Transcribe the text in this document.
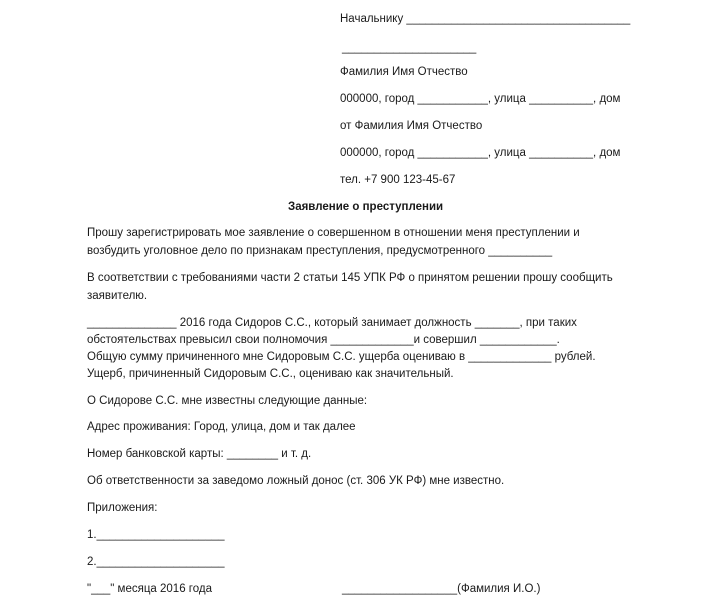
Начальнику ___________________________________
_____________________
Фамилия Имя Отчество
000000, город ___________, улица __________, дом
от Фамилия Имя Отчество
000000, город ___________, улица __________, дом
тел. +7 900 123-45-67
Заявление о преступлении
Прошу зарегистрировать мое заявление о совершенном в отношении меня преступлении и
возбудить уголовное дело по признакам преступления, предусмотренного __________
В соответствии с требованиями части 2 статьи 145 УПК РФ о принятом решении прошу сообщить
заявителю.
______________ 2016 года Сидоров С.С., который занимает должность _______, при таких
обстоятельствах превысил свои полномочия _____________и совершил ____________.
Общую сумму причиненного мне Сидоровым С.С. ущерба оцениваю в _____________ рублей.
Ущерб, причиненный Сидоровым С.С., оцениваю как значительный.
О Сидорове С.С. мне известны следующие данные:
Адрес проживания: Город, улица, дом и так далее
Номер банковской карты: ________ и т. д.
Об ответственности за заведомо ложный донос (ст. 306 УК РФ) мне известно.
Приложения:
1.____________________
2.____________________
"___" месяца 2016 года	__________________(Фамилия И.О.)
